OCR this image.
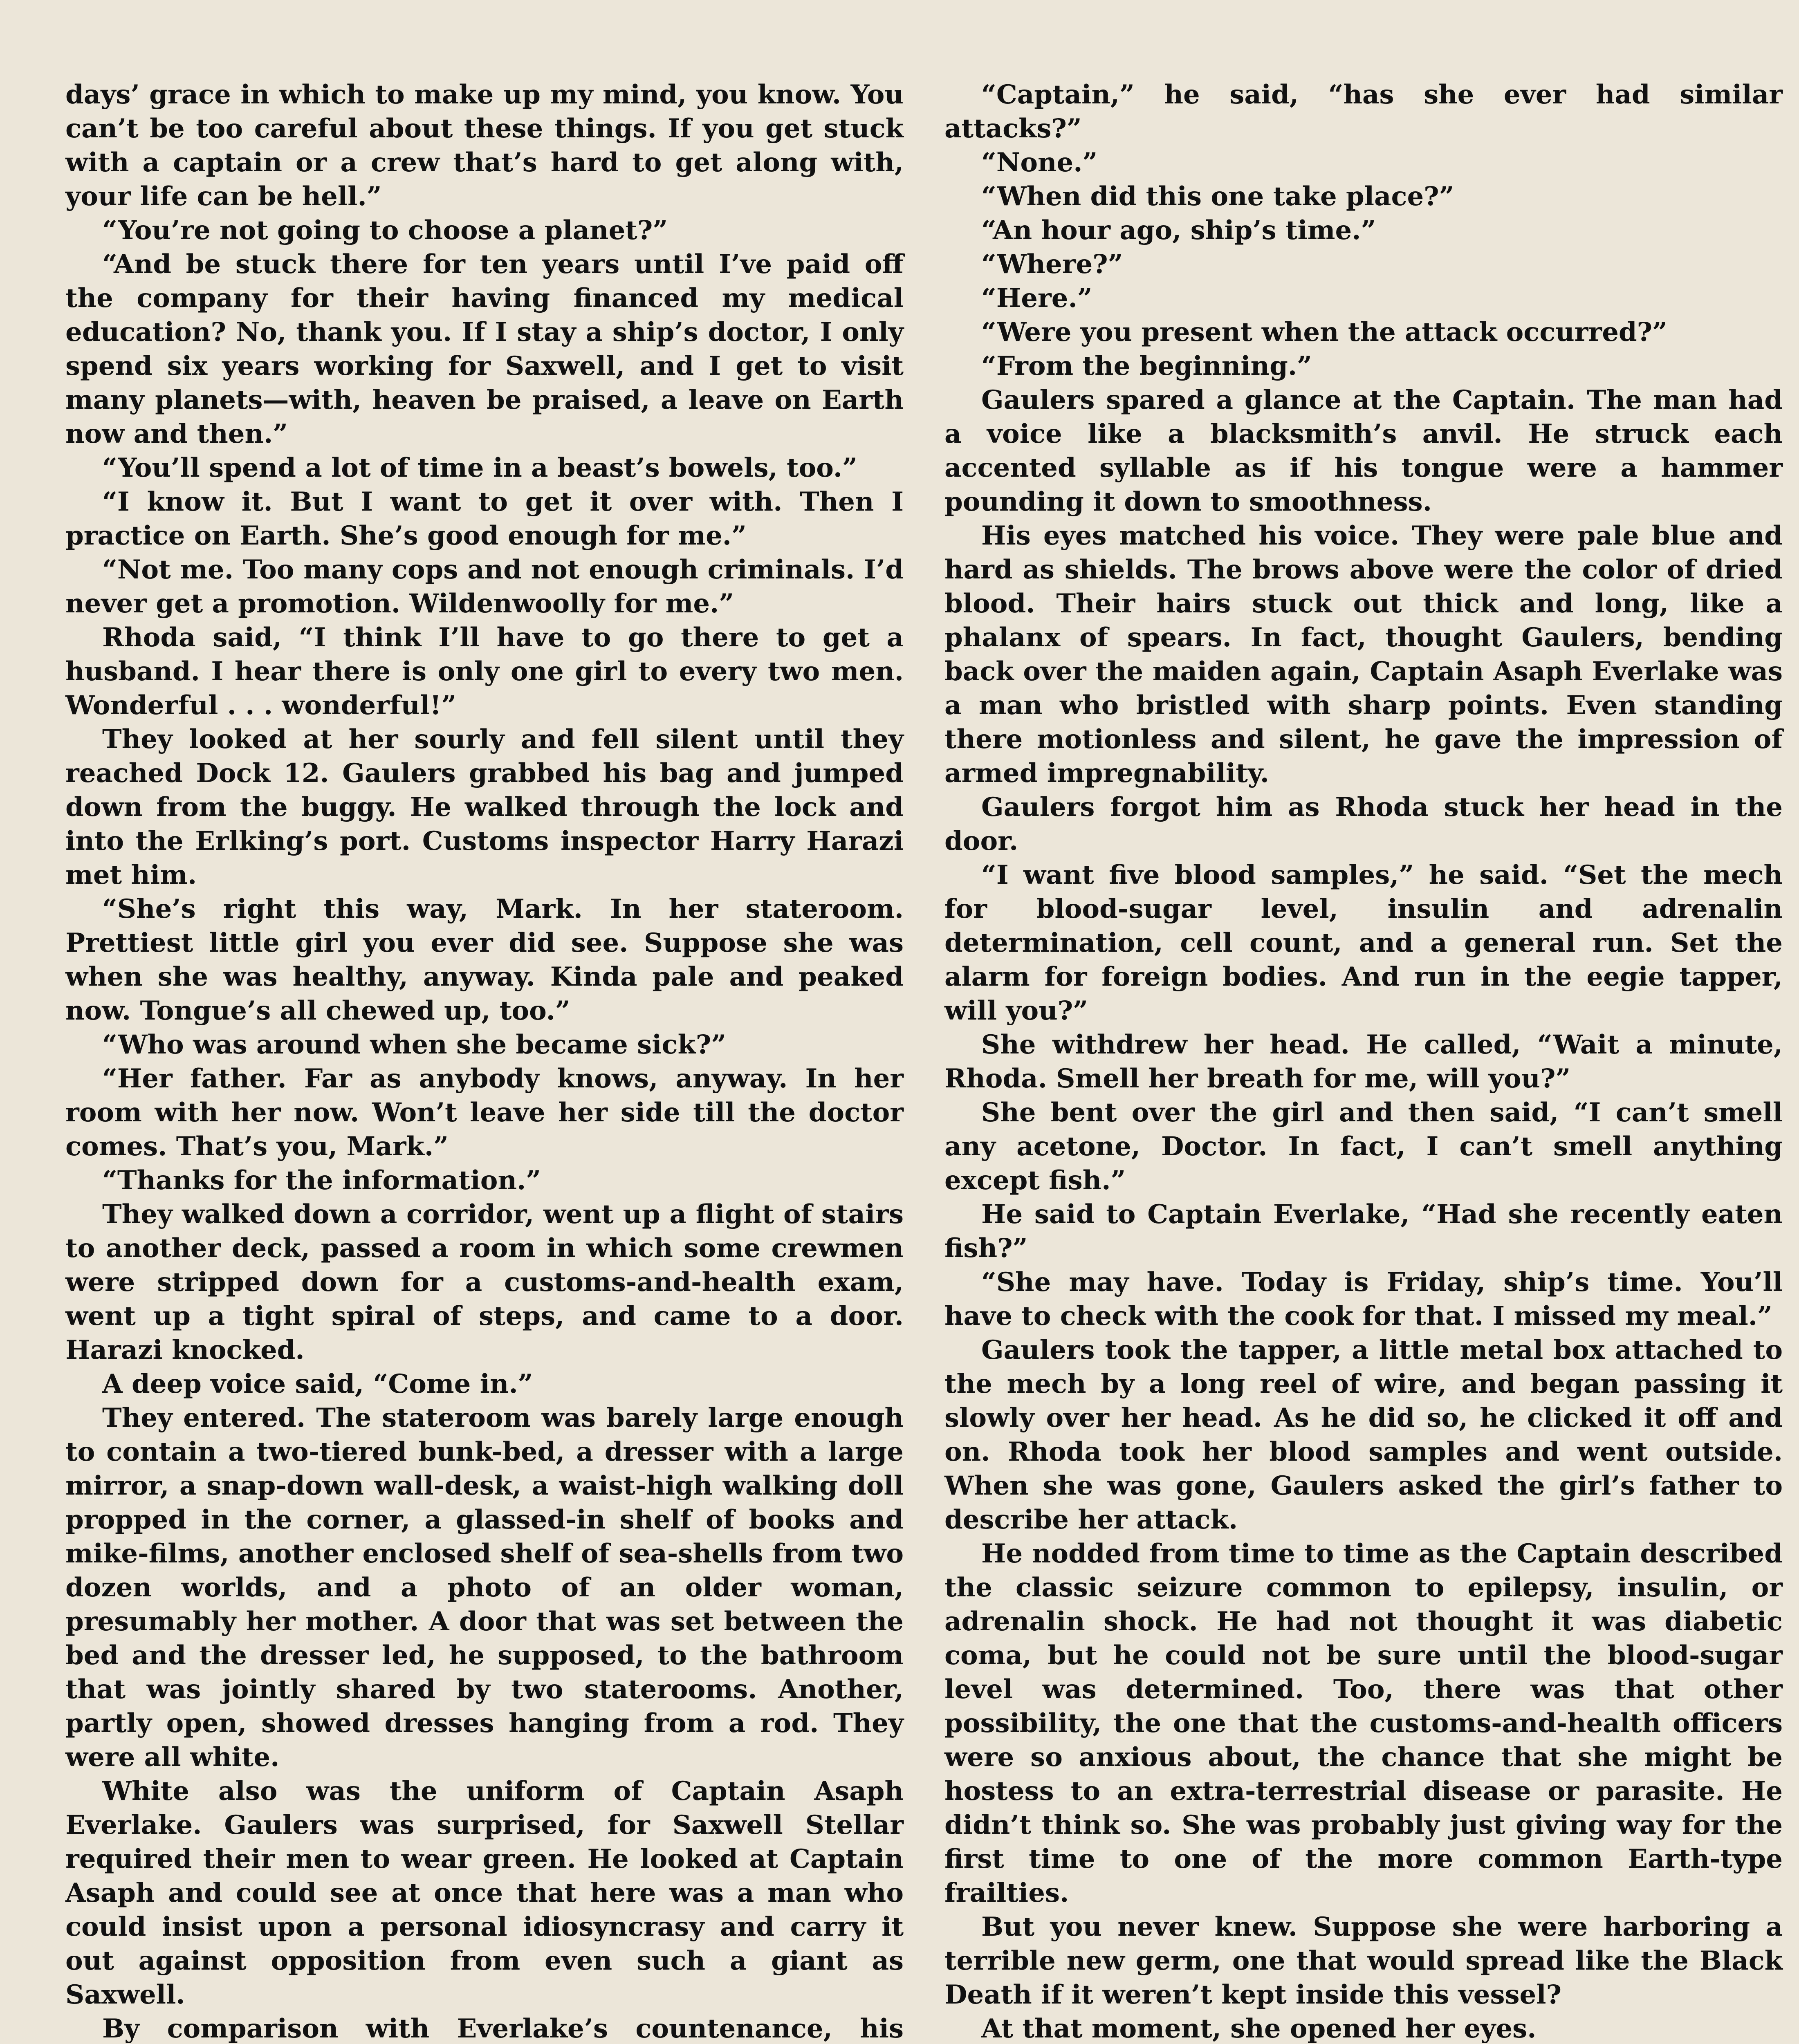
days’ grace in which to make up my mind, you know. You can’t be too careful about these things. If you get stuck with a captain or a crew that’s hard to get along with, your life can be hell.”

“You’re not going to choose a planet?”

“And be stuck there for ten years until I’ve paid off the company for their having financed my medical education? No, thank you. If I stay a ship’s doctor, I only spend six years working for Saxwell, and I get to visit many planets—with, heaven be praised, a leave on Earth now and then.”

“You’ll spend a lot of time in a beast’s bowels, too.”

“I know it. But I want to get it over with. Then I practice on Earth. She’s good enough for me.”

“Not me. Too many cops and not enough criminals. I’d never get a promotion. Wildenwoolly for me.”

Rhoda said, “I think I’ll have to go there to get a husband. I hear there is only one girl to every two men. Wonderful . . . wonderful!”

They looked at her sourly and fell silent until they reached Dock 12. Gaulers grabbed his bag and jumped down from the buggy. He walked through the lock and into the Erlking’s port. Customs inspector Harry Harazi met him.

“She’s right this way, Mark. In her stateroom. Prettiest little girl you ever did see. Suppose she was when she was healthy, anyway. Kinda pale and peaked now. Tongue’s all chewed up, too.”

“Who was around when she became sick?”

“Her father. Far as anybody knows, anyway. In her room with her now. Won’t leave her side till the doctor comes. That’s you, Mark.”

“Thanks for the information.”

They walked down a corridor, went up a flight of stairs to another deck, passed a room in which some crewmen were stripped down for a customs-and-health exam, went up a tight spiral of steps, and came to a door. Harazi knocked.

A deep voice said, “Come in.”

They entered. The stateroom was barely large enough to contain a two-tiered bunk-bed, a dresser with a large mirror, a snap-down wall-desk, a waist-high walking doll propped in the corner, a glassed-in shelf of books and mike-films, another enclosed shelf of sea-shells from two dozen worlds, and a photo of an older woman, presumably her mother. A door that was set between the bed and the dresser led, he supposed, to the bathroom that was jointly shared by two staterooms. Another, partly open, showed dresses hanging from a rod. They were all white.

White also was the uniform of Captain Asaph Everlake. Gaulers was surprised, for Saxwell Stellar required their men to wear green. He looked at Captain Asaph and could see at once that here was a man who could insist upon a personal idiosyncrasy and carry it out against opposition from even such a giant as Saxwell.

By comparison with Everlake’s countenance, his

“Captain,” he said, “has she ever had similar attacks?”

“None.”

“When did this one take place?”

“An hour ago, ship’s time.”

“Where?”

“Here.”

“Were you present when the attack occurred?”

“From the beginning.”

Gaulers spared a glance at the Captain. The man had a voice like a blacksmith’s anvil. He struck each accented syllable as if his tongue were a hammer pounding it down to smoothness.

His eyes matched his voice. They were pale blue and hard as shields. The brows above were the color of dried blood. Their hairs stuck out thick and long, like a phalanx of spears. In fact, thought Gaulers, bending back over the maiden again, Captain Asaph Everlake was a man who bristled with sharp points. Even standing there motionless and silent, he gave the impression of armed impregnability.

Gaulers forgot him as Rhoda stuck her head in the door.

“I want five blood samples,” he said. “Set the mech for blood-sugar level, insulin and adrenalin determination, cell count, and a general run. Set the alarm for foreign bodies. And run in the eegie tapper, will you?”

She withdrew her head. He called, “Wait a minute, Rhoda. Smell her breath for me, will you?”

She bent over the girl and then said, “I can’t smell any acetone, Doctor. In fact, I can’t smell anything except fish.”

He said to Captain Everlake, “Had she recently eaten fish?”

“She may have. Today is Friday, ship’s time. You’ll have to check with the cook for that. I missed my meal.”

Gaulers took the tapper, a little metal box attached to the mech by a long reel of wire, and began passing it slowly over her head. As he did so, he clicked it off and on. Rhoda took her blood samples and went outside. When she was gone, Gaulers asked the girl’s father to describe her attack.

He nodded from time to time as the Captain described the classic seizure common to epilepsy, insulin, or adrenalin shock. He had not thought it was diabetic coma, but he could not be sure until the blood-sugar level was determined. Too, there was that other possibility, the one that the customs-and-health officers were so anxious about, the chance that she might be hostess to an extra-terrestrial disease or parasite. He didn’t think so. She was probably just giving way for the first time to one of the more common Earth-type frailties.

But you never knew. Suppose she were harboring a terrible new germ, one that would spread like the Black Death if it weren’t kept inside this vessel?

At that moment, she opened her eyes.
